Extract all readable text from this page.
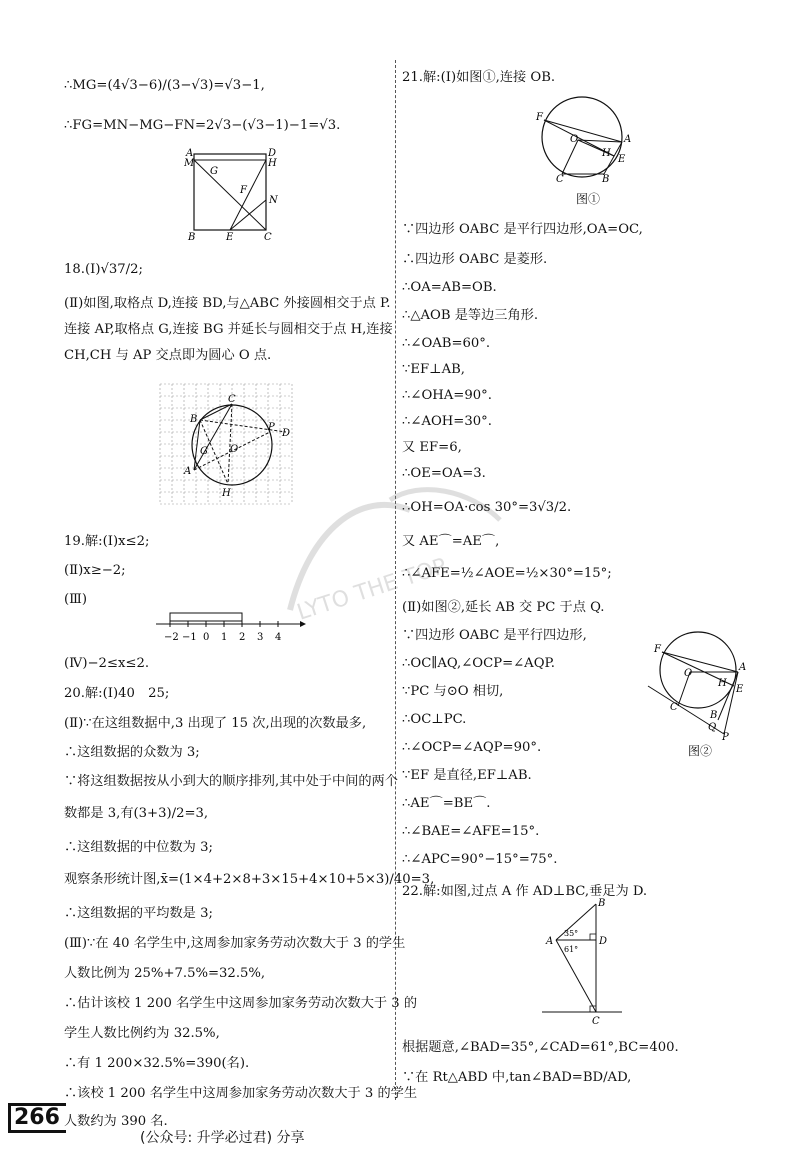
∴MG=(4√3−6)/(3−√3)=√3−1,
∴FG=MN−MG−FN=2√3−(√3−1)−1=√3.
A	D
M	H
G
F
N
B	E	C
18.(Ⅰ)√37/2;
(Ⅱ)如图,取格点 D,连接 BD,与△ABC 外接圆相交于点 P.
连接 AP,取格点 G,连接 BG 并延长与圆相交于点 H,连接
CH,CH 与 AP 交点即为圆心 O 点.
C
B
P
D
O
G
A
H
19.解:(Ⅰ)x≤2;
(Ⅱ)x≥−2;
(Ⅲ)
−2 −1 0 1 2 3 4
(Ⅳ)−2≤x≤2.
20.解:(Ⅰ)40　25;
(Ⅱ)∵在这组数据中,3 出现了 15 次,出现的次数最多,
∴这组数据的众数为 3;
∵将这组数据按从小到大的顺序排列,其中处于中间的两个
数都是 3,有(3+3)/2=3,
∴这组数据的中位数为 3;
观察条形统计图,x̄=(1×4+2×8+3×15+4×10+5×3)/40=3,
∴这组数据的平均数是 3;
(Ⅲ)∵在 40 名学生中,这周参加家务劳动次数大于 3 的学生
人数比例为 25%+7.5%=32.5%,
∴估计该校 1 200 名学生中这周参加家务劳动次数大于 3 的
学生人数比例约为 32.5%,
∴有 1 200×32.5%=390(名).
∴该校 1 200 名学生中这周参加家务劳动次数大于 3 的学生
人数约为 390 名.
21.解:(Ⅰ)如图①,连接 OB.
F
O	A
H
E
C	B
图①
∵四边形 OABC 是平行四边形,OA=OC,
∴四边形 OABC 是菱形.
∴OA=AB=OB.
∴△AOB 是等边三角形.
∴∠OAB=60°.
∵EF⊥AB,
∴∠OHA=90°.
∴∠AOH=30°.
又 EF=6,
∴OE=OA=3.
∴OH=OA·cos 30°=3√3/2.
又 AE⌒=AE⌒,
∴∠AFE=½∠AOE=½×30°=15°;
(Ⅱ)如图②,延长 AB 交 PC 于点 Q.
∵四边形 OABC 是平行四边形,
∴OC∥AQ,∠OCP=∠AQP.
∵PC 与⊙O 相切,
∴OC⊥PC.
∴∠OCP=∠AQP=90°.
∵EF 是直径,EF⊥AB.
∴AE⌒=BE⌒.
∴∠BAE=∠AFE=15°.
∴∠APC=90°−15°=75°.
F
O
A
H
E
C
B
Q
P
图②
22.解:如图,过点 A 作 AD⊥BC,垂足为 D.
B
A	D
C
35°
61°
根据题意,∠BAD=35°,∠CAD=61°,BC=400.
∵在 Rt△ABD 中,tan∠BAD=BD/AD,
LYTO THE TOP
266
(公众号: 升学必过君) 分享
